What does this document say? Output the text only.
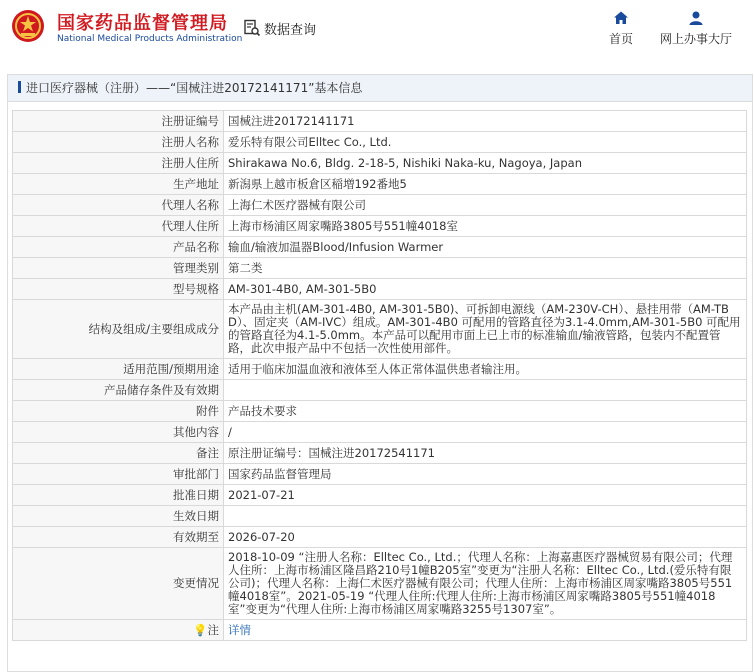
国家药品监督管理局
National Medical Products Administration
数据查询
首页	网上办事大厅
进口医疗器械（注册）——“国械注进20172141171”基本信息
注册证编号	国械注进20172141171
注册人名称	爱乐特有限公司Elltec Co., Ltd.
注册人住所	Shirakawa No.6, Bldg. 2-18-5, Nishiki Naka-ku, Nagoya, Japan
生产地址	新潟県上越市板倉区稲増192番地5
代理人名称	上海仁术医疗器械有限公司
代理人住所	上海市杨浦区周家嘴路3805号551幢4018室
产品名称	输血/输液加温器Blood/Infusion Warmer
管理类别	第二类
型号规格	AM-301-4B0, AM-301-5B0
结构及组成/主要组成成分	本产品由主机(AM-301-4B0, AM-301-5B0)、可拆卸电源线（AM-230V-CH）、悬挂用带（AM-TBD）、固定夹（AM-IVC）组成。AM-301-4B0 可配用的管路直径为3.1-4.0mm,AM-301-5B0 可配用的管路直径为4.1-5.0mm。本产品可以配用市面上已上市的标准输血/输液管路，包装内不配置管路，此次申报产品中不包括一次性使用部件。
适用范围/预期用途	适用于临床加温血液和液体至人体正常体温供患者输注用。
产品储存条件及有效期	
附件	产品技术要求
其他内容	/
备注	原注册证编号：国械注进20172541171
审批部门	国家药品监督管理局
批准日期	2021-07-21
生效日期	
有效期至	2026-07-20
变更情况	2018-10-09 “注册人名称：Elltec Co., Ltd.；代理人名称：上海嘉惠医疗器械贸易有限公司；代理人住所：上海市杨浦区隆昌路210号1幢B205室”变更为“注册人名称：Elltec Co., Ltd.(爱乐特有限公司)；代理人名称：上海仁术医疗器械有限公司；代理人住所：上海市杨浦区周家嘴路3805号551幢4018室”。2021-05-19 “代理人住所:代理人住所:上海市杨浦区周家嘴路3805号551幢4018室”变更为“代理人住所:上海市杨浦区周家嘴路3255号1307室”。
💡注	详情
